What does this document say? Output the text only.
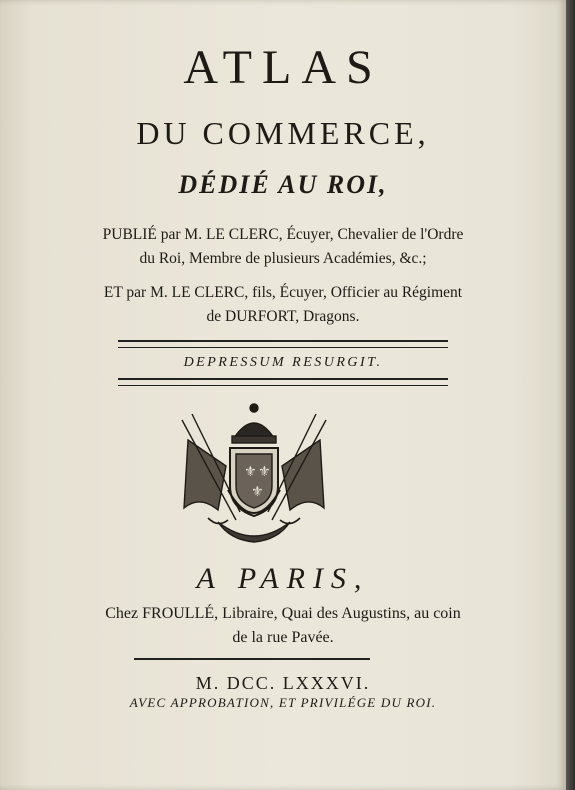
ATLAS
DU COMMERCE,
DÉDIÉ AU ROI,
PUBLIÉ par M. LE CLERC, Écuyer, Chevalier de l'Ordre
du Roi, Membre de plusieurs Académies, &c.;
ET par M. LE CLERC, fils, Écuyer, Officier au Régiment
de DURFORT, Dragons.
DEPRESSUM RESURGIT.
⚜ ⚜
⚜
A PARIS,
Chez FROULLÉ, Libraire, Quai des Augustins, au coin
de la rue Pavée.
M. DCC. LXXXVI.
AVEC APPROBATION, ET PRIVILÉGE DU ROI.
